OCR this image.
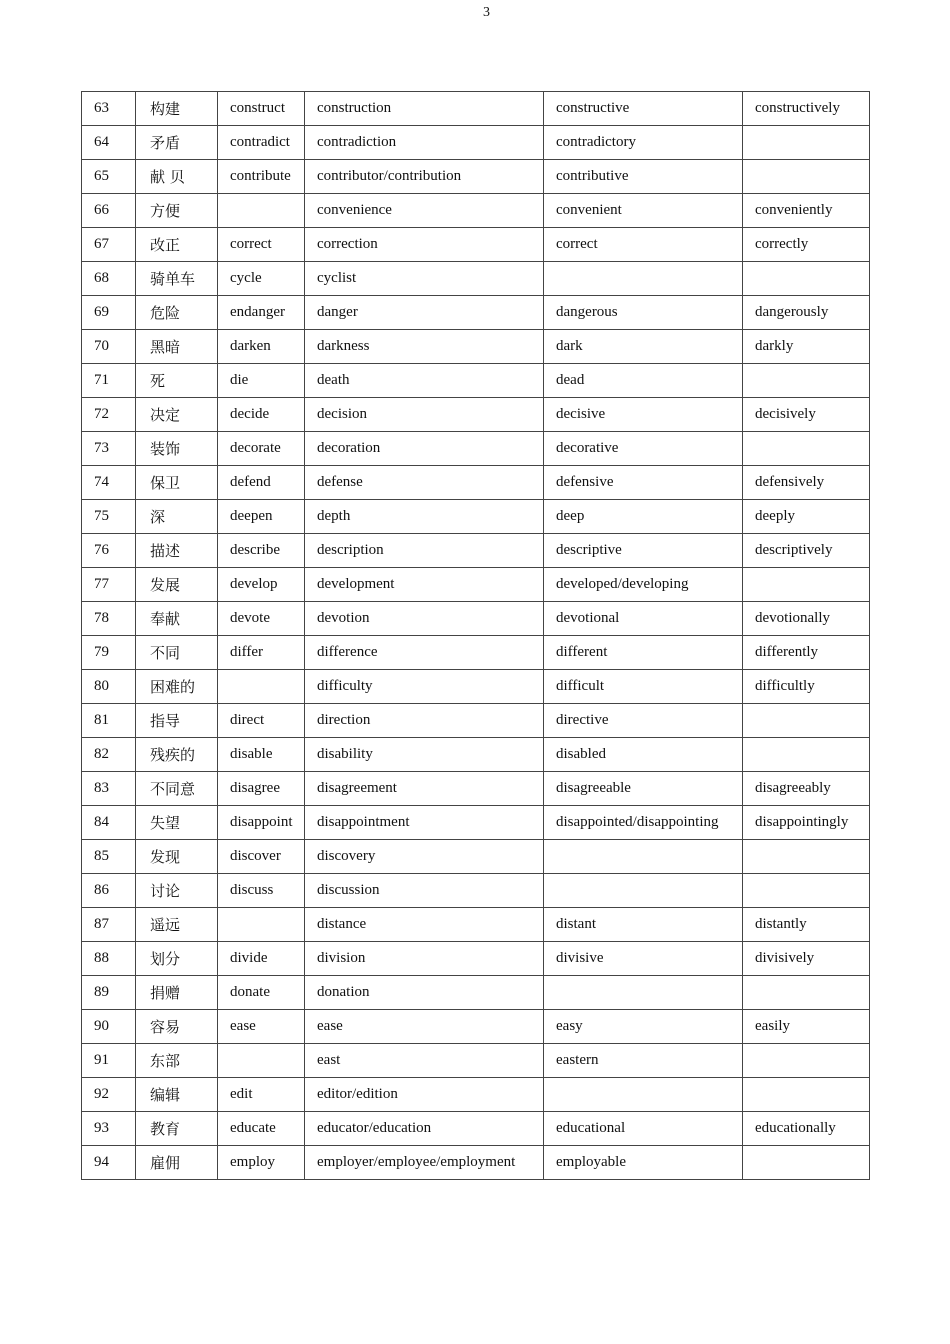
3
63	构建	construct	construction	constructive	constructively
64	矛盾	contradict	contradiction	contradictory	
65	献 贝	contribute	contributor/contribution	contributive	
66	方便		convenience	convenient	conveniently
67	改正	correct	correction	correct	correctly
68	骑单车	cycle	cyclist		
69	危险	endanger	danger	dangerous	dangerously
70	黑暗	darken	darkness	dark	darkly
71	死	die	death	dead	
72	决定	decide	decision	decisive	decisively
73	装饰	decorate	decoration	decorative	
74	保卫	defend	defense	defensive	defensively
75	深	deepen	depth	deep	deeply
76	描述	describe	description	descriptive	descriptively
77	发展	develop	development	developed/developing	
78	奉献	devote	devotion	devotional	devotionally
79	不同	differ	difference	different	differently
80	困难的		difficulty	difficult	difficultly
81	指导	direct	direction	directive	
82	残疾的	disable	disability	disabled	
83	不同意	disagree	disagreement	disagreeable	disagreeably
84	失望	disappoint	disappointment	disappointed/disappointing	disappointingly
85	发现	discover	discovery		
86	讨论	discuss	discussion		
87	遥远		distance	distant	distantly
88	划分	divide	division	divisive	divisively
89	捐赠	donate	donation		
90	容易	ease	ease	easy	easily
91	东部		east	eastern	
92	编辑	edit	editor/edition		
93	教育	educate	educator/education	educational	educationally
94	雇佣	employ	employer/employee/employment	employable	
